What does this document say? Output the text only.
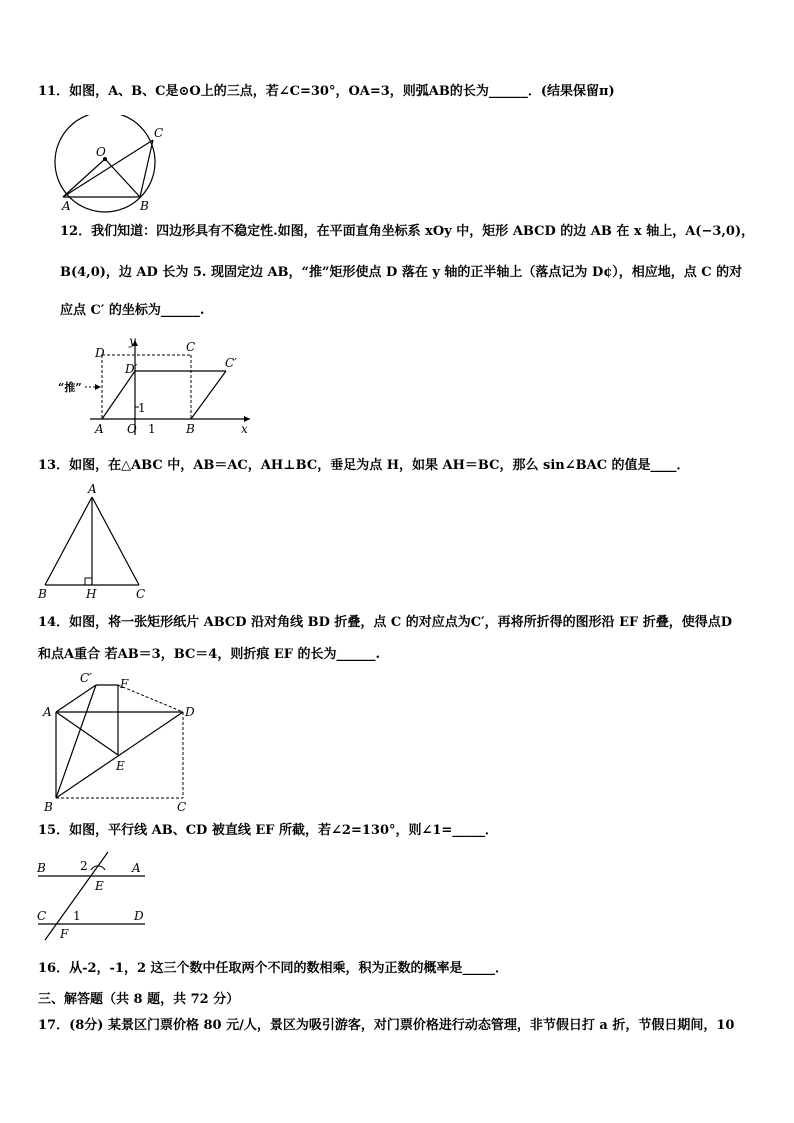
11．如图，A、B、C是⊙O上的三点，若∠C=30°，OA=3，则弧AB的长为______．(结果保留π)
O
A	B
C
12．我们知道：四边形具有不稳定性.如图，在平面直角坐标系 xOy 中，矩形 ABCD 的边 AB 在 x 轴上，A(−3,0)，
B(4,0)，边 AD 长为 5. 现固定边 AB，“推”矩形使点 D 落在 y 轴的正半轴上（落点记为 D¢），相应地，点 C 的对
应点 C′ 的坐标为______.
D
D′
C
C′
A O 1	B
1
“推”
y
x
13．如图，在△ABC 中，AB＝AC，AH⊥BC，垂足为点 H，如果 AH＝BC，那么 sin∠BAC 的值是____．
A
B	H	C
14．如图，将一张矩形纸片 ABCD 沿对角线 BD 折叠，点 C 的对应点为C′，再将所折得的图形沿 EF 折叠，使得点D
和点A重合 若AB＝3，BC＝4，则折痕 EF 的长为______.
C′ F
A	D
E
B	C
15．如图，平行线 AB、CD 被直线 EF 所截，若∠2=130°，则∠1=_____．
B	2	A
E
C 1	D
F
16．从-2，-1，2 这三个数中任取两个不同的数相乘，积为正数的概率是_____．
三、解答题（共 8 题，共 72 分）
17．(8分) 某景区门票价格 80 元/人，景区为吸引游客，对门票价格进行动态管理，非节假日打 a 折，节假日期间，10
